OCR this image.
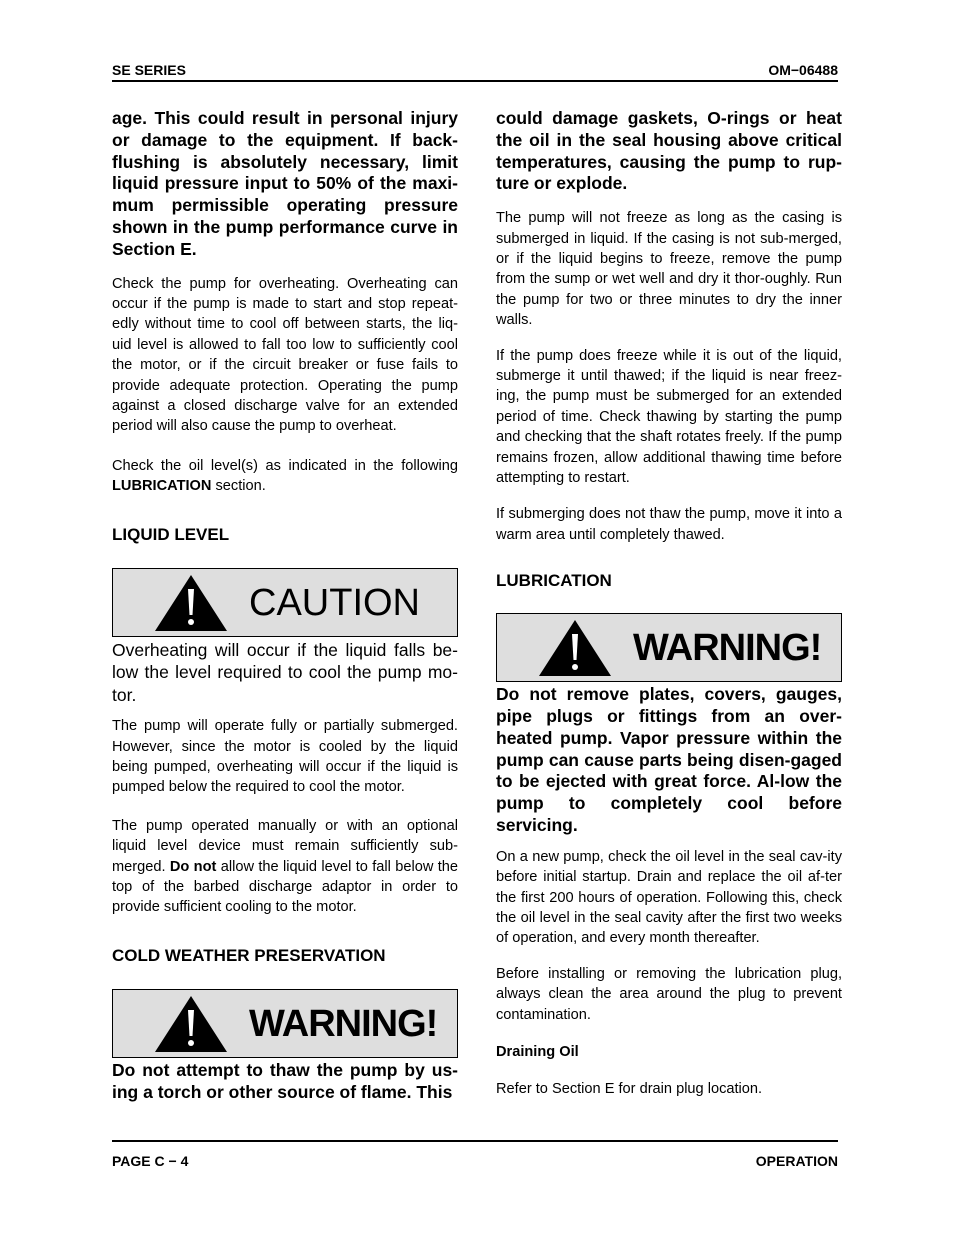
SE SERIES	OM−06488

age. This could result in personal injury or damage to the equipment. If back-flushing is absolutely necessary, limit liquid pressure input to 50% of the maxi-mum permissible operating pressure shown in the pump performance curve in Section E.

Check the pump for overheating. Overheating can occur if the pump is made to start and stop repeat-edly without time to cool off between starts, the liq-uid level is allowed to fall too low to sufficiently cool the motor, or if the circuit breaker or fuse fails to provide adequate protection. Operating the pump against a closed discharge valve for an extended period will also cause the pump to overheat.

Check the oil level(s) as indicated in the following LUBRICATION section.

LIQUID LEVEL

CAUTION

Overheating will occur if the liquid falls be-low the level required to cool the pump mo-tor.

The pump will operate fully or partially submerged. However, since the motor is cooled by the liquid being pumped, overheating will occur if the liquid is pumped below the required to cool the motor.

The pump operated manually or with an optional liquid level device must remain sufficiently sub-merged. Do not allow the liquid level to fall below the top of the barbed discharge adaptor in order to provide sufficient cooling to the motor.

COLD WEATHER PRESERVATION

WARNING!

Do not attempt to thaw the pump by us-ing a torch or other source of flame. This

could damage gaskets, O-rings or heat the oil in the seal housing above critical temperatures, causing the pump to rup-ture or explode.

The pump will not freeze as long as the casing is submerged in liquid. If the casing is not sub-merged, or if the liquid begins to freeze, remove the pump from the sump or wet well and dry it thor-oughly. Run the pump for two or three minutes to dry the inner walls.

If the pump does freeze while it is out of the liquid, submerge it until thawed; if the liquid is near freez-ing, the pump must be submerged for an extended period of time. Check thawing by starting the pump and checking that the shaft rotates freely. If the pump remains frozen, allow additional thawing time before attempting to restart.

If submerging does not thaw the pump, move it into a warm area until completely thawed.

LUBRICATION

WARNING!

Do not remove plates, covers, gauges, pipe plugs or fittings from an over-heated pump. Vapor pressure within the pump can cause parts being disen-gaged to be ejected with great force. Al-low the pump to completely cool before servicing.

On a new pump, check the oil level in the seal cav-ity before initial startup. Drain and replace the oil af-ter the first 200 hours of operation. Following this, check the oil level in the seal cavity after the first two weeks of operation, and every month thereafter.

Before installing or removing the lubrication plug, always clean the area around the plug to prevent contamination.

Draining Oil

Refer to Section E for drain plug location.

PAGE C − 4	OPERATION
